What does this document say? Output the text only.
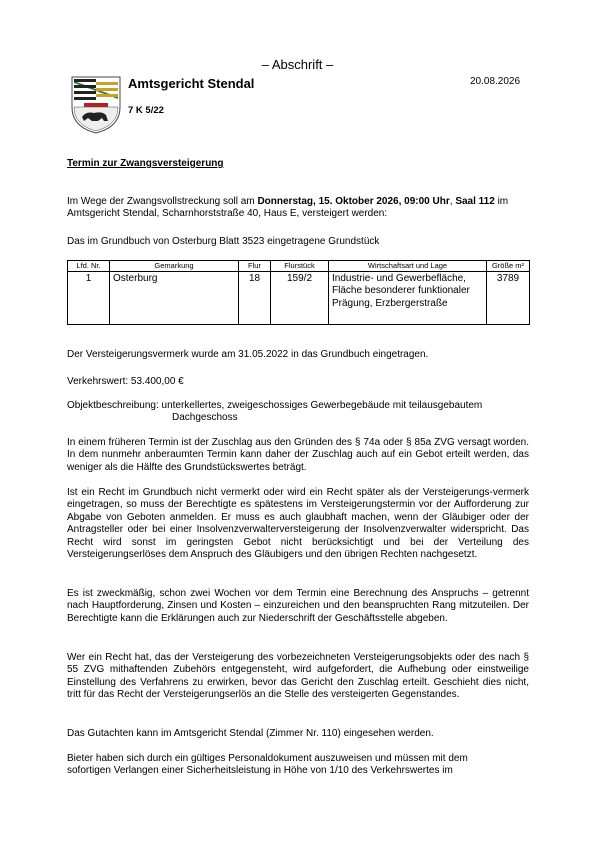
– Abschrift –
20.08.2026
Amtsgericht Stendal
7 K 5/22
Termin zur Zwangsversteigerung
Im Wege der Zwangsvollstreckung soll am Donnerstag, 15. Oktober 2026, 09:00 Uhr, Saal 112 im Amtsgericht Stendal, Scharnhorststraße 40, Haus E, versteigert werden:
Das im Grundbuch von Osterburg Blatt 3523 eingetragene Grundstück
Lfd. Nr.	Gemarkung	Flur	Flurstück	Wirtschaftsart und Lage	Größe m²
1	Osterburg	18	159/2	Industrie- und Gewerbefläche, Fläche besonderer funktionaler Prägung, Erzbergerstraße	3789
Der Versteigerungsvermerk wurde am 31.05.2022 in das Grundbuch eingetragen.
Verkehrswert: 53.400,00 €
Objektbeschreibung: unterkellertes, zweigeschossiges Gewerbegebäude mit teilausgebautem
Dachgeschoss
In einem früheren Termin ist der Zuschlag aus den Gründen des § 74a oder § 85a ZVG versagt worden. In dem nunmehr anberaumten Termin kann daher der Zuschlag auch auf ein Gebot erteilt werden, das weniger als die Hälfte des Grundstückswertes beträgt.
Ist ein Recht im Grundbuch nicht vermerkt oder wird ein Recht später als der Versteigerungs-vermerk eingetragen, so muss der Berechtigte es spätestens im Versteigerungstermin vor der Aufforderung zur Abgabe von Geboten anmelden. Er muss es auch glaubhaft machen, wenn der Gläubiger oder der Antragsteller oder bei einer Insolvenzverwalterversteigerung der Insolvenzverwalter widerspricht. Das Recht wird sonst im geringsten Gebot nicht berücksichtigt und bei der Verteilung des Versteigerungserlöses dem Anspruch des Gläubigers und den übrigen Rechten nachgesetzt.
Es ist zweckmäßig, schon zwei Wochen vor dem Termin eine Berechnung des Anspruchs – getrennt nach Hauptforderung, Zinsen und Kosten – einzureichen und den beanspruchten Rang mitzuteilen. Der Berechtigte kann die Erklärungen auch zur Niederschrift der Geschäftsstelle abgeben.
Wer ein Recht hat, das der Versteigerung des vorbezeichneten Versteigerungsobjekts oder des nach § 55 ZVG mithaftenden Zubehörs entgegensteht, wird aufgefordert, die Aufhebung oder einstweilige Einstellung des Verfahrens zu erwirken, bevor das Gericht den Zuschlag erteilt. Geschieht dies nicht, tritt für das Recht der Versteigerungserlös an die Stelle des versteigerten Gegenstandes.
Das Gutachten kann im Amtsgericht Stendal (Zimmer Nr. 110) eingesehen werden.
Bieter haben sich durch ein gültiges Personaldokument auszuweisen und müssen mit dem
sofortigen Verlangen einer Sicherheitsleistung in Höhe von 1/10 des Verkehrswertes im
